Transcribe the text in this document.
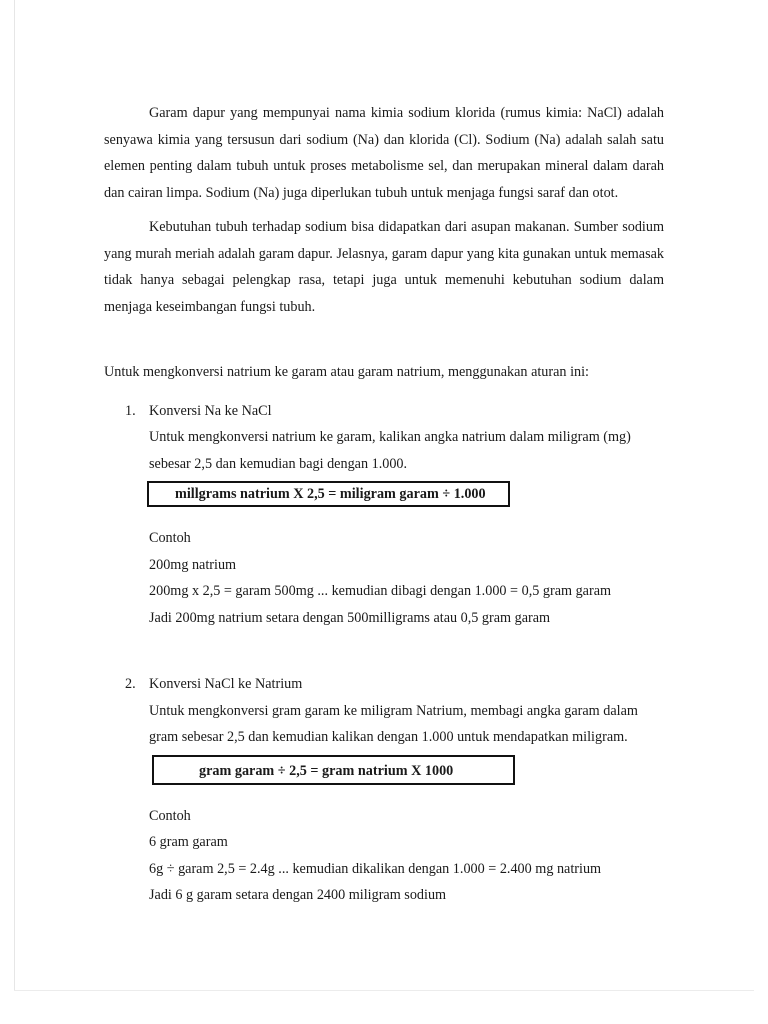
Garam dapur yang mempunyai nama kimia sodium klorida (rumus kimia: NaCl) adalah senyawa kimia yang tersusun dari sodium (Na) dan klorida (Cl). Sodium (Na) adalah salah satu elemen penting dalam tubuh untuk proses metabolisme sel, dan merupakan mineral dalam darah dan cairan limpa. Sodium (Na) juga diperlukan tubuh untuk menjaga fungsi saraf dan otot.

Kebutuhan tubuh terhadap sodium bisa didapatkan dari asupan makanan. Sumber sodium yang murah meriah adalah garam dapur. Jelasnya, garam dapur yang kita gunakan untuk memasak tidak hanya sebagai pelengkap rasa, tetapi juga untuk memenuhi kebutuhan sodium dalam menjaga keseimbangan fungsi tubuh.

Untuk mengkonversi natrium ke garam atau garam natrium, menggunakan aturan ini:

1. Konversi Na ke NaCl

Untuk mengkonversi natrium ke garam, kalikan angka natrium dalam miligram (mg) sebesar 2,5 dan kemudian bagi dengan 1.000.

millgrams natrium X 2,5 = miligram garam ÷ 1.000

Contoh

200mg natrium

200mg x 2,5 = garam 500mg ... kemudian dibagi dengan 1.000 = 0,5 gram garam

Jadi 200mg natrium setara dengan 500milligrams atau 0,5 gram garam

2. Konversi NaCl ke Natrium

Untuk mengkonversi gram garam ke miligram Natrium, membagi angka garam dalam gram sebesar 2,5 dan kemudian kalikan dengan 1.000 untuk mendapatkan miligram.

gram garam ÷ 2,5 = gram natrium X 1000

Contoh

6 gram garam

6g ÷ garam 2,5 = 2.4g ... kemudian dikalikan dengan 1.000 = 2.400 mg natrium

Jadi 6 g garam setara dengan 2400 miligram sodium
